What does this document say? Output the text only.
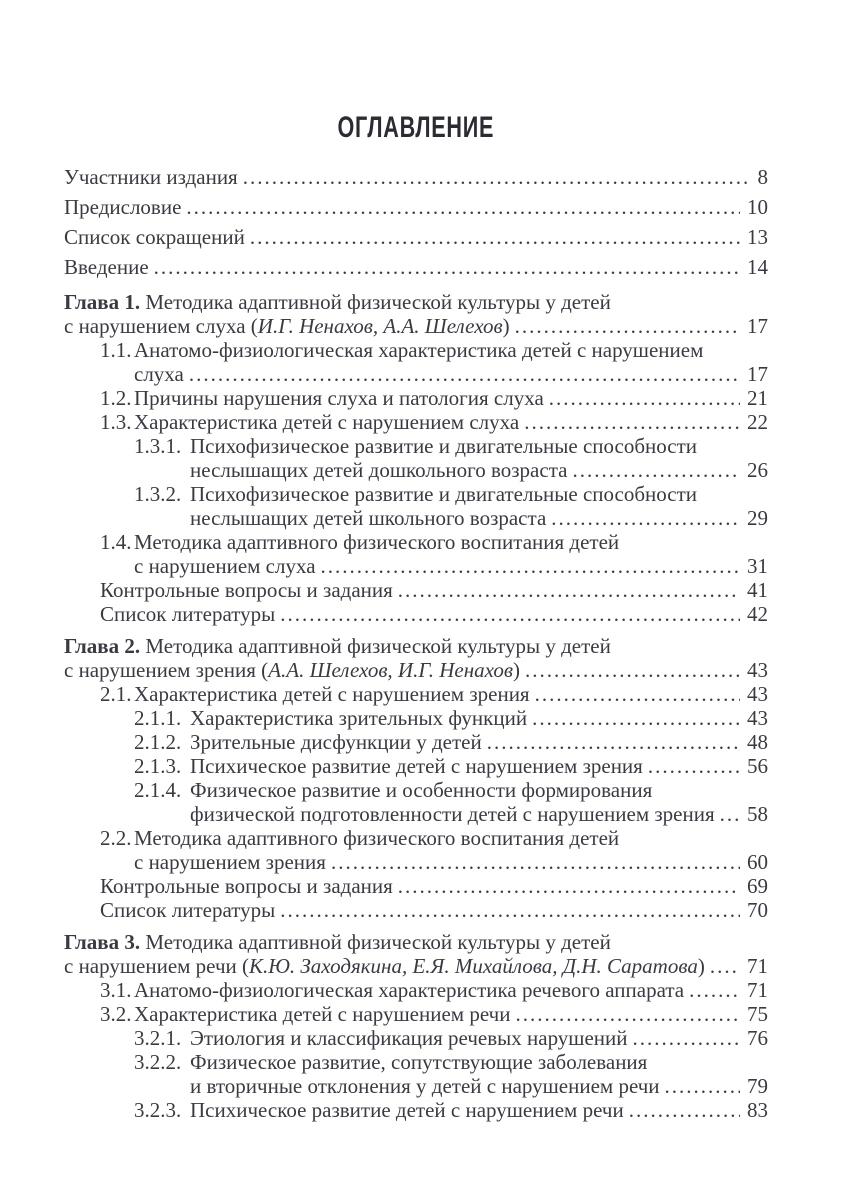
ОГЛАВЛЕНИЕ
Участники издания .....	8
Предисловие .....	10
Список сокращений .....	13
Введение .....	14
Глава 1. Методика адаптивной физической культуры у детей
с нарушением слуха (И.Г. Ненахов, А.А. Шелехов) .....	17
1.1. Анатомо-физиологическая характеристика детей с нарушением
слуха .....	17
1.2. Причины нарушения слуха и патология слуха .....	21
1.3. Характеристика детей с нарушением слуха .....	22
1.3.1. Психофизическое развитие и двигательные способности
неслышащих детей дошкольного возраста .....	26
1.3.2. Психофизическое развитие и двигательные способности
неслышащих детей школьного возраста .....	29
1.4. Методика адаптивного физического воспитания детей
с нарушением слуха .....	31
Контрольные вопросы и задания .....	41
Список литературы .....	42
Глава 2. Методика адаптивной физической культуры у детей
с нарушением зрения (А.А. Шелехов, И.Г. Ненахов) .....	43
2.1. Характеристика детей с нарушением зрения .....	43
2.1.1. Характеристика зрительных функций .....	43
2.1.2. Зрительные дисфункции у детей .....	48
2.1.3. Психическое развитие детей с нарушением зрения .....	56
2.1.4. Физическое развитие и особенности формирования
физической подготовленности детей с нарушением зрения ..... 58
2.2. Методика адаптивного физического воспитания детей
с нарушением зрения .....	60
Контрольные вопросы и задания .....	69
Список литературы .....	70
Глава 3. Методика адаптивной физической культуры у детей
с нарушением речи (К.Ю. Заходякина, Е.Я. Михайлова, Д.Н. Саратова) ..... 71
3.1. Анатомо-физиологическая характеристика речевого аппарата .....	71
3.2. Характеристика детей с нарушением речи .....	75
3.2.1. Этиология и классификация речевых нарушений .....	76
3.2.2. Физическое развитие, сопутствующие заболевания
и вторичные отклонения у детей с нарушением речи .....	79
3.2.3. Психическое развитие детей с нарушением речи .....	83
